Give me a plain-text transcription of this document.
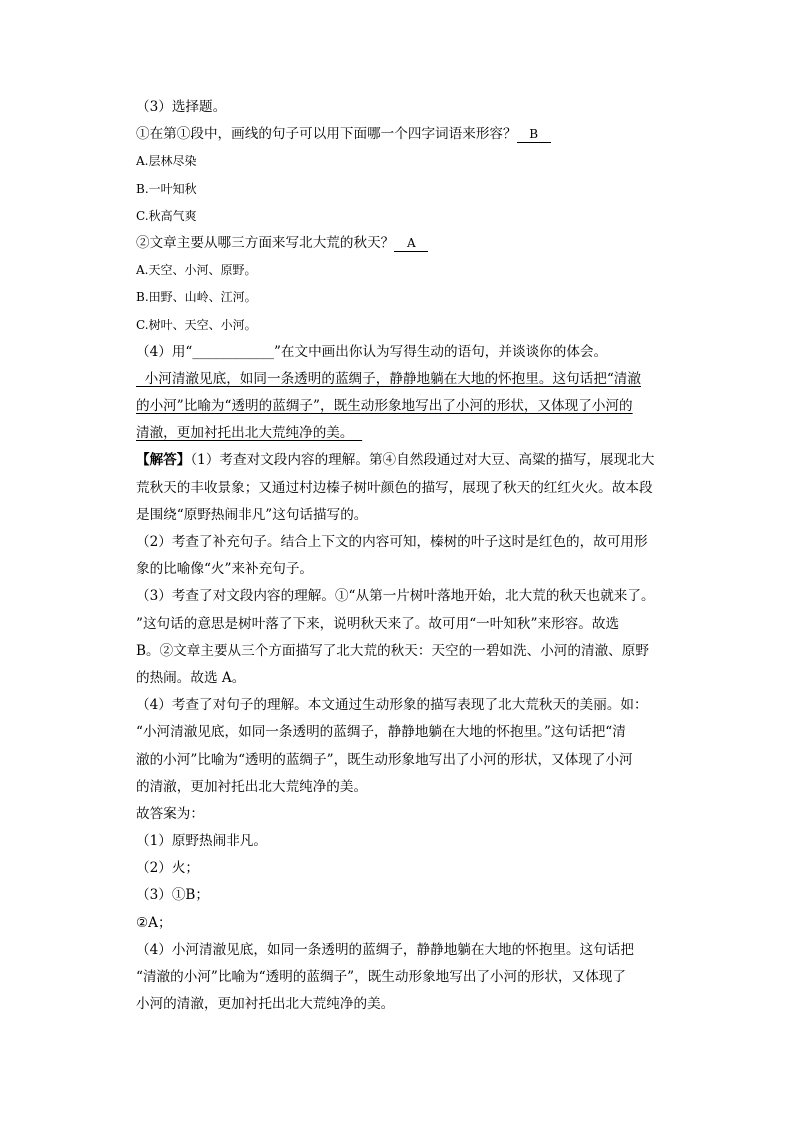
（3）选择题。
①在第①段中，画线的句子可以用下面哪一个四字词语来形容？ B
A.层林尽染
B.一叶知秋
C.秋高气爽
②文章主要从哪三方面来写北大荒的秋天？ A
A.天空、小河、原野。
B.田野、山岭、江河。
C.树叶、天空、小河。
（4）用“____________”在文中画出你认为写得生动的语句，并谈谈你的体会。
小河清澈见底，如同一条透明的蓝绸子，静静地躺在大地的怀抱里。这句话把“清澈
的小河”比喻为“透明的蓝绸子”，既生动形象地写出了小河的形状，又体现了小河的
清澈，更加衬托出北大荒纯净的美。
【解答】（1）考查对文段内容的理解。第④自然段通过对大豆、高粱的描写，展现北大
荒秋天的丰收景象；又通过村边榛子树叶颜色的描写，展现了秋天的红红火火。故本段
是围绕“原野热闹非凡”这句话描写的。
（2）考查了补充句子。结合上下文的内容可知，榛树的叶子这时是红色的，故可用形
象的比喻像“火”来补充句子。
（3）考查了对文段内容的理解。①“从第一片树叶落地开始，北大荒的秋天也就来了。
”这句话的意思是树叶落了下来，说明秋天来了。故可用“一叶知秋”来形容。故选
B。②文章主要从三个方面描写了北大荒的秋天：天空的一碧如洗、小河的清澈、原野
的热闹。故选 A。
（4）考查了对句子的理解。本文通过生动形象的描写表现了北大荒秋天的美丽。如：
“小河清澈见底，如同一条透明的蓝绸子，静静地躺在大地的怀抱里。”这句话把“清
澈的小河”比喻为“透明的蓝绸子”，既生动形象地写出了小河的形状，又体现了小河
的清澈，更加衬托出北大荒纯净的美。
故答案为：
（1）原野热闹非凡。
（2）火；
（3）①B；
②A；
（4）小河清澈见底，如同一条透明的蓝绸子，静静地躺在大地的怀抱里。这句话把
“清澈的小河”比喻为“透明的蓝绸子”，既生动形象地写出了小河的形状，又体现了
小河的清澈，更加衬托出北大荒纯净的美。
